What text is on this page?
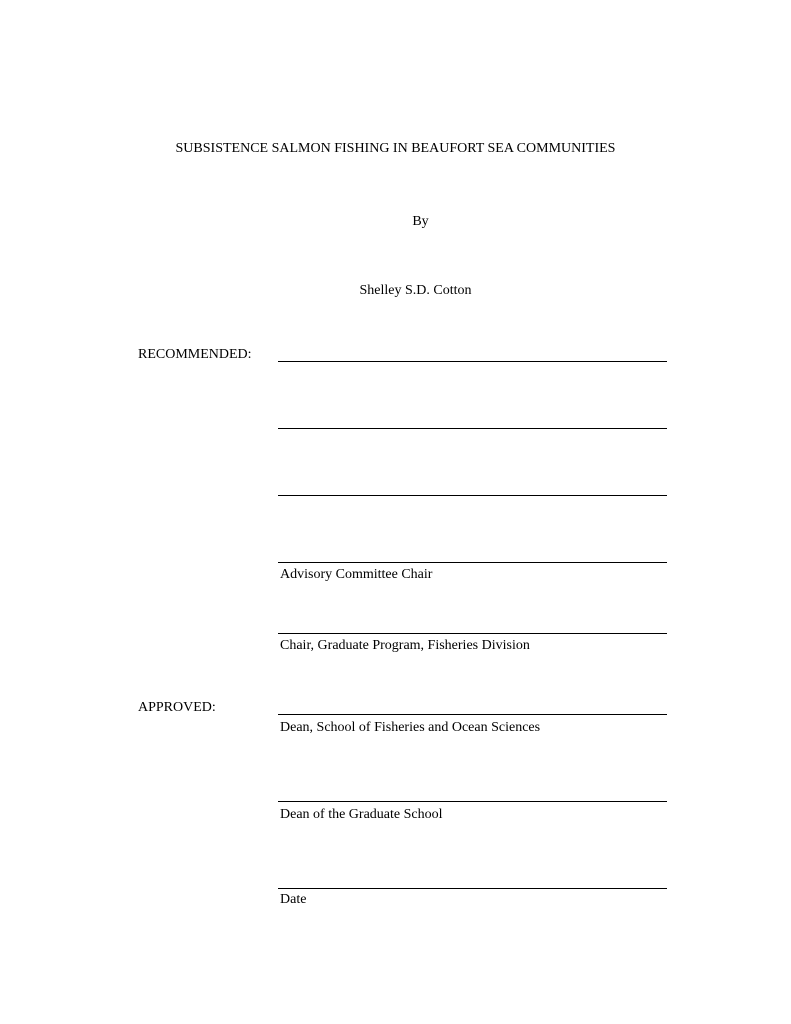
SUBSISTENCE SALMON FISHING IN BEAUFORT SEA COMMUNITIES
By
Shelley S.D. Cotton
RECOMMENDED:
Advisory Committee Chair
Chair, Graduate Program, Fisheries Division
APPROVED:
Dean, School of Fisheries and Ocean Sciences
Dean of the Graduate School
Date
